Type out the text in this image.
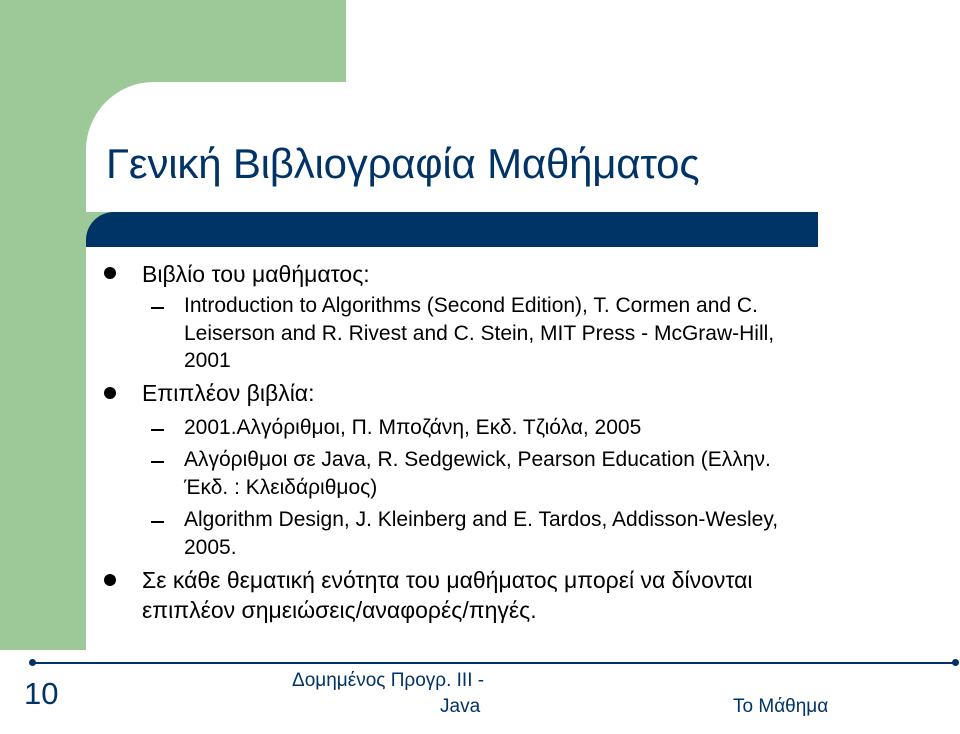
Γενική Βιβλιογραφία Μαθήματος

Βιβλίο του μαθήματος:

Introduction to Algorithms (Second Edition), T. Cormen and C.

Leiserson and R. Rivest and C. Stein, MIT Press - McGraw-Hill,

2001

Επιπλέον βιβλία:

2001.Αλγόριθμοι, Π. Μποζάνη, Εκδ. Τζιόλα, 2005

Αλγόριθμοι σε Java, R. Sedgewick, Pearson Education (Ελλην.

Έκδ. : Κλειδάριθμος)

Algorithm Design, J. Kleinberg and E. Tardos, Addisson-Wesley,

2005.

Σε κάθε θεματική ενότητα του μαθήματος μπορεί να δίνονται

επιπλέον σημειώσεις/αναφορές/πηγές.

10	Δομημένος Προγρ. ΙΙΙ -
Java	Το Μάθημα
